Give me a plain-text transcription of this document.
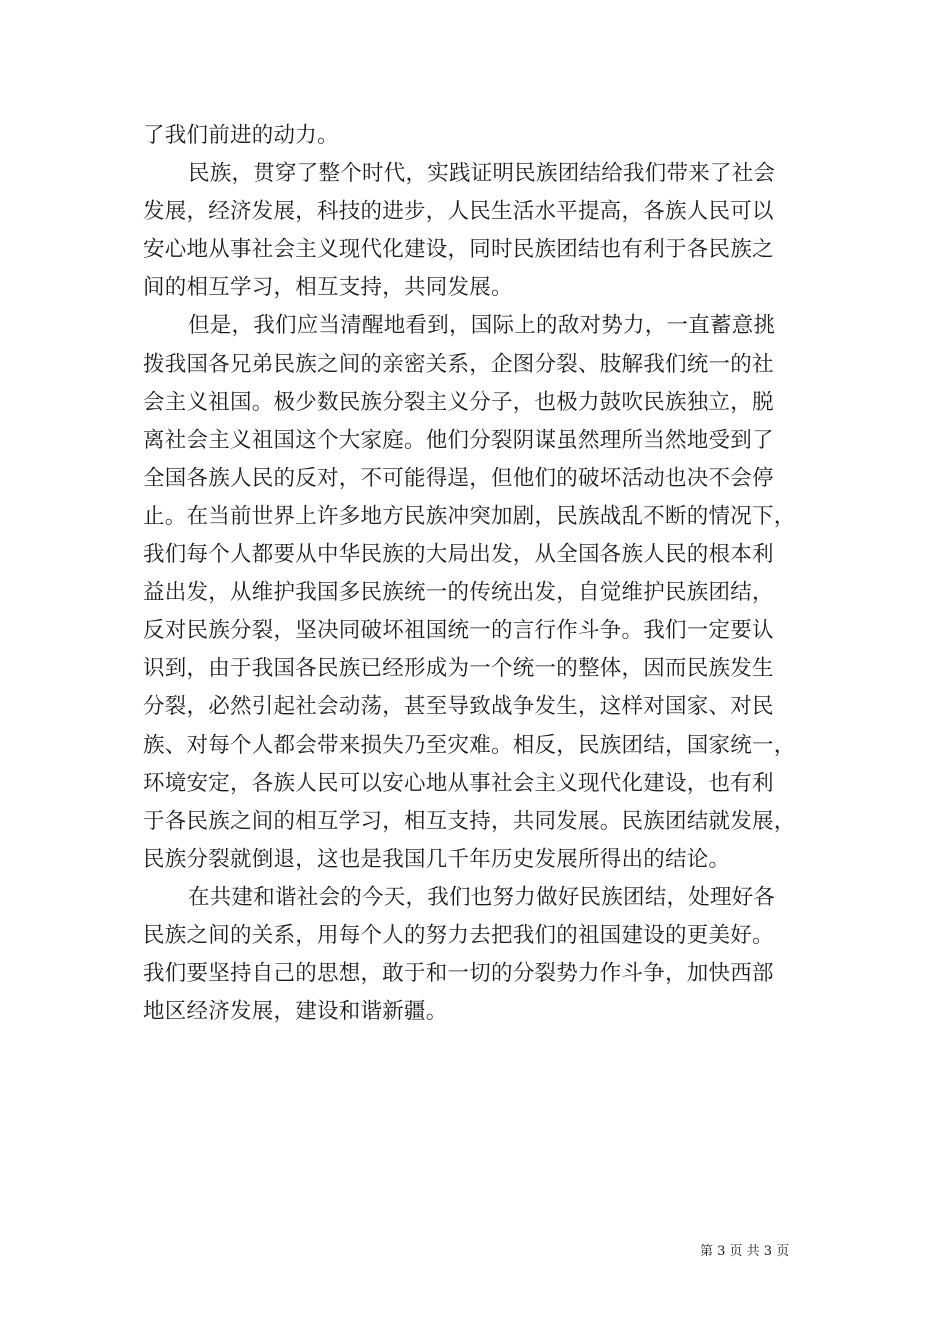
了我们前进的动力。
民族，贯穿了整个时代，实践证明民族团结给我们带来了社会
发展，经济发展，科技的进步，人民生活水平提高，各族人民可以
安心地从事社会主义现代化建设，同时民族团结也有利于各民族之
间的相互学习，相互支持，共同发展。
但是，我们应当清醒地看到，国际上的敌对势力，一直蓄意挑
拨我国各兄弟民族之间的亲密关系，企图分裂、肢解我们统一的社
会主义祖国。极少数民族分裂主义分子，也极力鼓吹民族独立，脱
离社会主义祖国这个大家庭。他们分裂阴谋虽然理所当然地受到了
全国各族人民的反对，不可能得逞，但他们的破坏活动也决不会停
止。在当前世界上许多地方民族冲突加剧，民族战乱不断的情况下，
我们每个人都要从中华民族的大局出发，从全国各族人民的根本利
益出发，从维护我国多民族统一的传统出发，自觉维护民族团结，
反对民族分裂，坚决同破坏祖国统一的言行作斗争。我们一定要认
识到，由于我国各民族已经形成为一个统一的整体，因而民族发生
分裂，必然引起社会动荡，甚至导致战争发生，这样对国家、对民
族、对每个人都会带来损失乃至灾难。相反，民族团结，国家统一，
环境安定，各族人民可以安心地从事社会主义现代化建设，也有利
于各民族之间的相互学习，相互支持，共同发展。民族团结就发展，
民族分裂就倒退，这也是我国几千年历史发展所得出的结论。
在共建和谐社会的今天，我们也努力做好民族团结，处理好各
民族之间的关系，用每个人的努力去把我们的祖国建设的更美好。
我们要坚持自己的思想，敢于和一切的分裂势力作斗争，加快西部
地区经济发展，建设和谐新疆。
第 3 页 共 3 页
